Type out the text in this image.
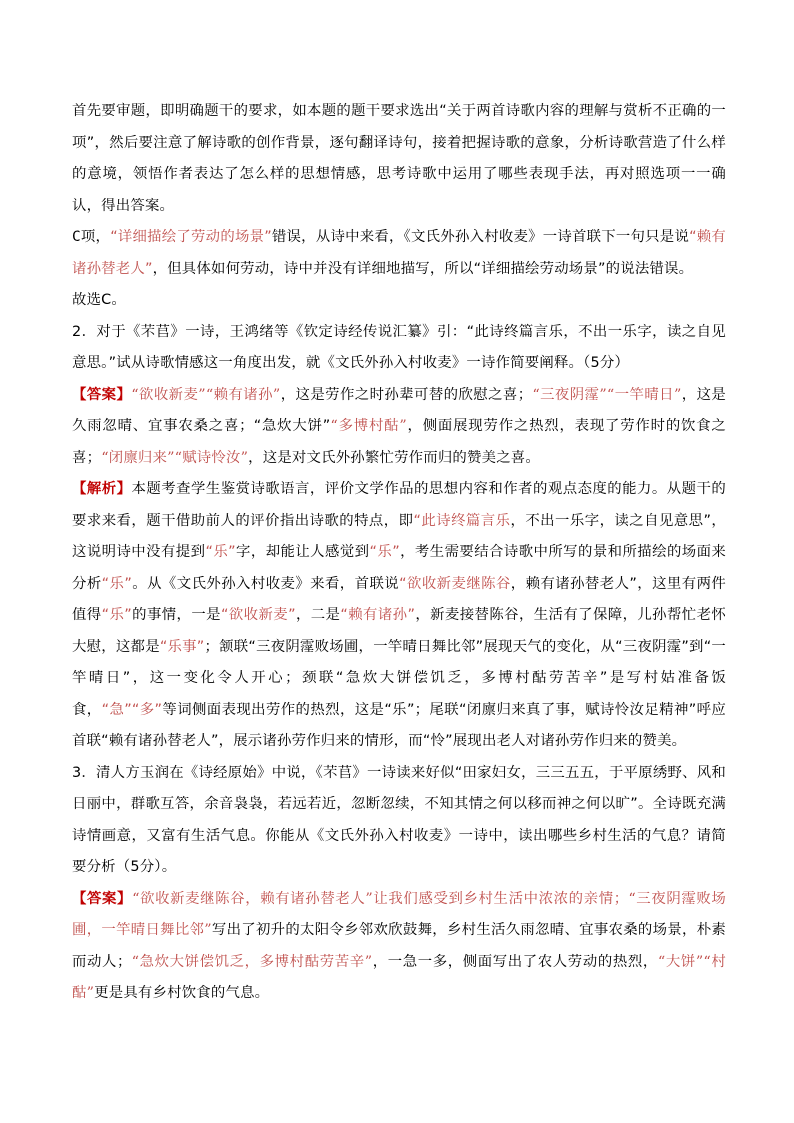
首先要审题，即明确题干的要求，如本题的题干要求选出“关于两首诗歌内容的理解与赏析不正确的一项”，然后要注意了解诗歌的创作背景，逐句翻译诗句，接着把握诗歌的意象，分析诗歌营造了什么样的意境，领悟作者表达了怎么样的思想情感，思考诗歌中运用了哪些表现手法，再对照选项一一确认，得出答案。

C项，“详细描绘了劳动的场景”错误，从诗中来看，《文氏外孙入村收麦》一诗首联下一句只是说“赖有诸孙替老人”，但具体如何劳动，诗中并没有详细地描写，所以“详细描绘劳动场景”的说法错误。

故选C。

2．对于《芣苢》一诗，王鸿绪等《钦定诗经传说汇纂》引：“此诗终篇言乐，不出一乐字，读之自见意思。”试从诗歌情感这一角度出发，就《文氏外孙入村收麦》一诗作简要阐释。（5分）

【答案】“欲收新麦”“赖有诸孙”，这是劳作之时孙辈可替的欣慰之喜；“三夜阴霪”“一竿晴日”，这是久雨忽晴、宜事农桑之喜；“急炊大饼”“多博村酤”，侧面展现劳作之热烈，表现了劳作时的饮食之喜；“闭廪归来”“赋诗怜汝”，这是对文氏外孙繁忙劳作而归的赞美之喜。

【解析】本题考查学生鉴赏诗歌语言，评价文学作品的思想内容和作者的观点态度的能力。从题干的要求来看，题干借助前人的评价指出诗歌的特点，即“此诗终篇言乐，不出一乐字，读之自见意思”，这说明诗中没有提到“乐”字，却能让人感觉到“乐”，考生需要结合诗歌中所写的景和所描绘的场面来分析“乐”。从《文氏外孙入村收麦》来看，首联说“欲收新麦继陈谷，赖有诸孙替老人”，这里有两件值得“乐”的事情，一是“欲收新麦”，二是“赖有诸孙”，新麦接替陈谷，生活有了保障，儿孙帮忙老怀大慰，这都是“乐事”；颔联“三夜阴霪败场圃，一竿晴日舞比邻”展现天气的变化，从“三夜阴霪”到“一竿晴日”，这一变化令人开心；颈联“急炊大饼偿饥乏，多博村酤劳苦辛”是写村姑准备饭食，“急”“多”等词侧面表现出劳作的热烈，这是“乐”；尾联“闭廪归来真了事，赋诗怜汝足精神”呼应首联“赖有诸孙替老人”，展示诸孙劳作归来的情形，而“怜”展现出老人对诸孙劳作归来的赞美。

3．清人方玉润在《诗经原始》中说，《芣苢》一诗读来好似“田家妇女，三三五五，于平原绣野、风和日丽中，群歌互答，余音袅袅，若远若近，忽断忽续，不知其情之何以移而神之何以旷”。全诗既充满诗情画意，又富有生活气息。你能从《文氏外孙入村收麦》一诗中，读出哪些乡村生活的气息？请简要分析（5分）。

【答案】“欲收新麦继陈谷，赖有诸孙替老人”让我们感受到乡村生活中浓浓的亲情；“三夜阴霪败场圃，一竿晴日舞比邻”写出了初升的太阳令乡邻欢欣鼓舞，乡村生活久雨忽晴、宜事农桑的场景，朴素而动人；“急炊大饼偿饥乏，多博村酤劳苦辛”，一急一多，侧面写出了农人劳动的热烈，“大饼”“村酤”更是具有乡村饮食的气息。
